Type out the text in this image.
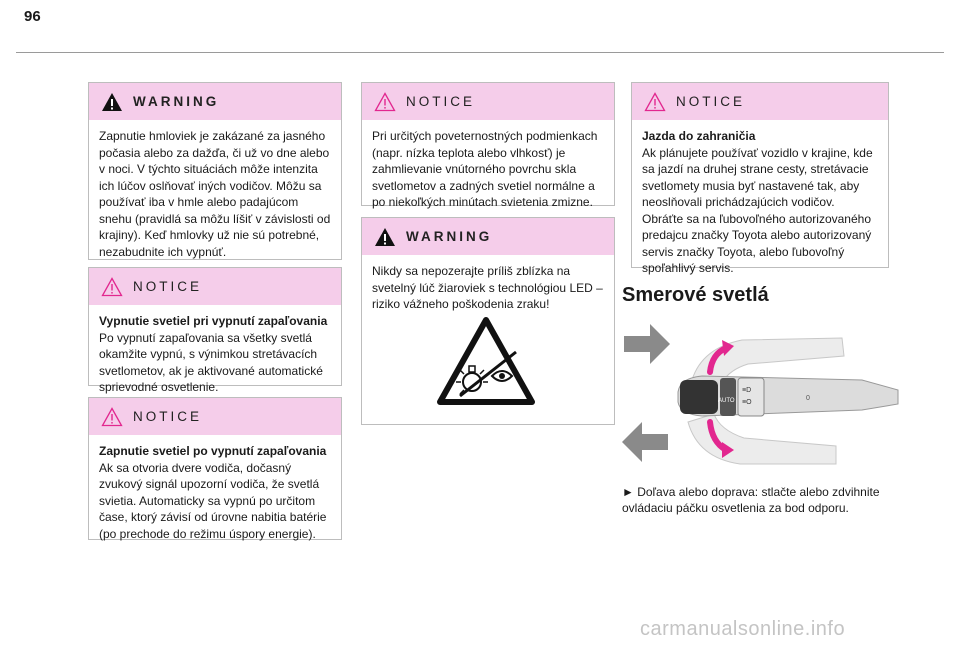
96
WARNING
Zapnutie hmloviek je zakázané za jasného počasia alebo za dažďa, či už vo dne alebo v noci. V týchto situáciách môže intenzita ich lúčov oslňovať iných vodičov. Môžu sa používať iba v hmle alebo padajúcom snehu (pravidlá sa môžu líšiť v závislosti od krajiny). Keď hmlovky už nie sú potrebné, nezabudnite ich vypnúť.
NOTICE
Vypnutie svetiel pri vypnutí zapaľovania
Po vypnutí zapaľovania sa všetky svetlá okamžite vypnú, s výnimkou stretávacích svetlometov, ak je aktivované automatické sprievodné osvetlenie.
NOTICE
Zapnutie svetiel po vypnutí zapaľovania
Ak sa otvoria dvere vodiča, dočasný zvukový signál upozorní vodiča, že svetlá svietia. Automaticky sa vypnú po určitom čase, ktorý závisí od úrovne nabitia batérie (po prechode do režimu úspory energie).
NOTICE
Pri určitých poveternostných podmienkach (napr. nízka teplota alebo vlhkosť) je zahmlievanie vnútorného povrchu skla svetlometov a zadných svetiel normálne a po niekoľkých minútach svietenia zmizne.
WARNING
Nikdy sa nepozerajte príliš zblízka na svetelný lúč žiaroviek s technológiou LED – riziko vážneho poškodenia zraku!
NOTICE
Jazda do zahraničia
Ak plánujete používať vozidlo v krajine, kde sa jazdí na druhej strane cesty, stretávacie svetlomety musia byť nastavené tak, aby neoslňovali prichádzajúcich vodičov. Obráťte sa na ľubovoľného autorizovaného predajcu značky Toyota alebo autorizovaný servis značky Toyota, alebo ľubovoľný spoľahlivý servis.
Smerové svetlá
AUTO
≡D
≡O
0
► Doľava alebo doprava: stlačte alebo zdvihnite ovládaciu páčku osvetlenia za bod odporu.
carmanualsonline.info
